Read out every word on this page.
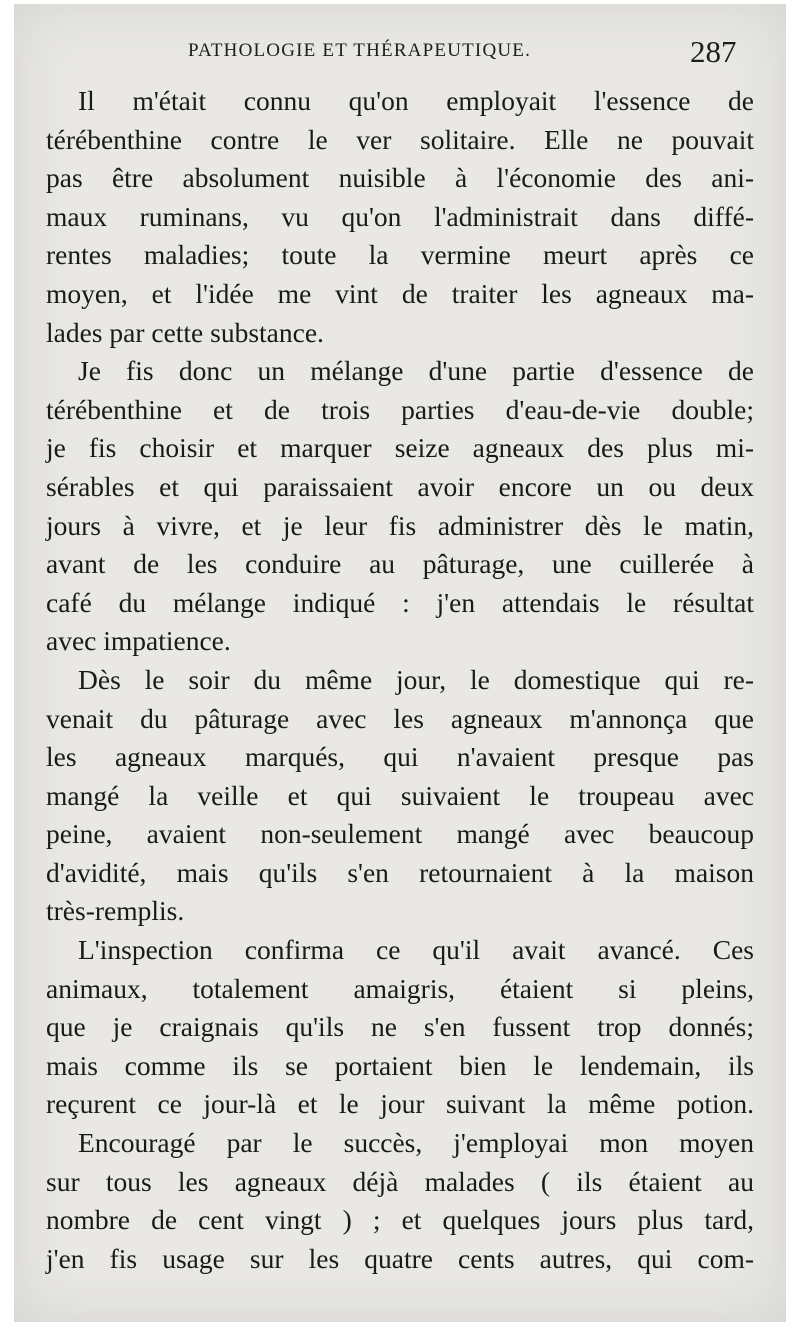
PATHOLOGIE ET THÉRAPEUTIQUE.	287

Il m'était connu qu'on employait l'essence de
térébenthine contre le ver solitaire. Elle ne pouvait
pas être absolument nuisible à l'économie des ani-
maux ruminans, vu qu'on l'administrait dans diffé-
rentes maladies; toute la vermine meurt après ce
moyen, et l'idée me vint de traiter les agneaux ma-
lades par cette substance.

Je fis donc un mélange d'une partie d'essence de
térébenthine et de trois parties d'eau-de-vie double;
je fis choisir et marquer seize agneaux des plus mi-
sérables et qui paraissaient avoir encore un ou deux
jours à vivre, et je leur fis administrer dès le matin,
avant de les conduire au pâturage, une cuillerée à
café du mélange indiqué : j'en attendais le résultat
avec impatience.

Dès le soir du même jour, le domestique qui re-
venait du pâturage avec les agneaux m'annonça que
les agneaux marqués, qui n'avaient presque pas
mangé la veille et qui suivaient le troupeau avec
peine, avaient non-seulement mangé avec beaucoup
d'avidité, mais qu'ils s'en retournaient à la maison
très-remplis.

L'inspection confirma ce qu'il avait avancé. Ces
animaux, totalement amaigris, étaient si pleins,
que je craignais qu'ils ne s'en fussent trop donnés;
mais comme ils se portaient bien le lendemain, ils
reçurent ce jour-là et le jour suivant la même potion.

Encouragé par le succès, j'employai mon moyen
sur tous les agneaux déjà malades ( ils étaient au
nombre de cent vingt ) ; et quelques jours plus tard,
j'en fis usage sur les quatre cents autres, qui com-
